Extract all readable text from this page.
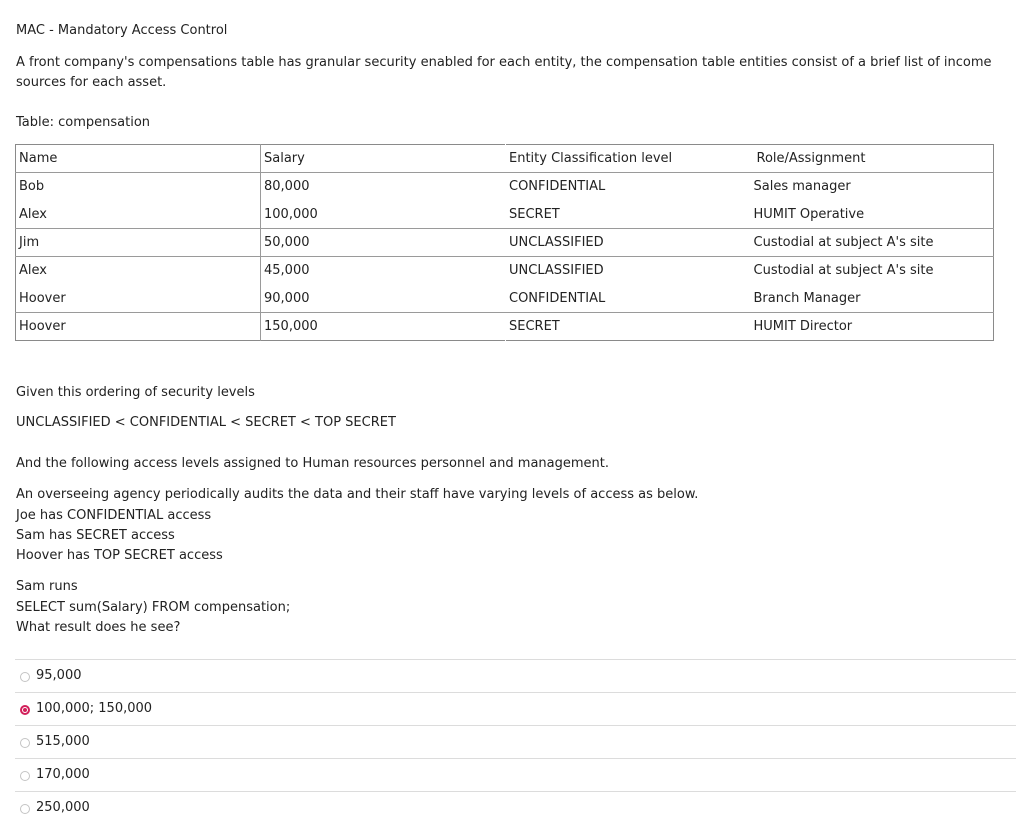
MAC - Mandatory Access Control
A front company's compensations table has granular security enabled for each entity, the compensation table entities consist of a brief list of income sources for each asset.
Table: compensation
Name	Salary	Entity Classification level	Role/Assignment
Bob	80,000	CONFIDENTIAL	Sales manager
Alex	100,000	SECRET	HUMIT Operative
Jim	50,000	UNCLASSIFIED	Custodial at subject A's site
Alex	45,000	UNCLASSIFIED	Custodial at subject A's site
Hoover	90,000	CONFIDENTIAL	Branch Manager
Hoover	150,000	SECRET	HUMIT Director
Given this ordering of security levels
UNCLASSIFIED < CONFIDENTIAL < SECRET < TOP SECRET
And the following access levels assigned to Human resources personnel and management.
An overseeing agency periodically audits the data and their staff have varying levels of access as below.
Joe has CONFIDENTIAL access
Sam has SECRET access
Hoover has TOP SECRET access
Sam runs
SELECT sum(Salary) FROM compensation;
What result does he see?
95,000
100,000; 150,000
515,000
170,000
250,000
